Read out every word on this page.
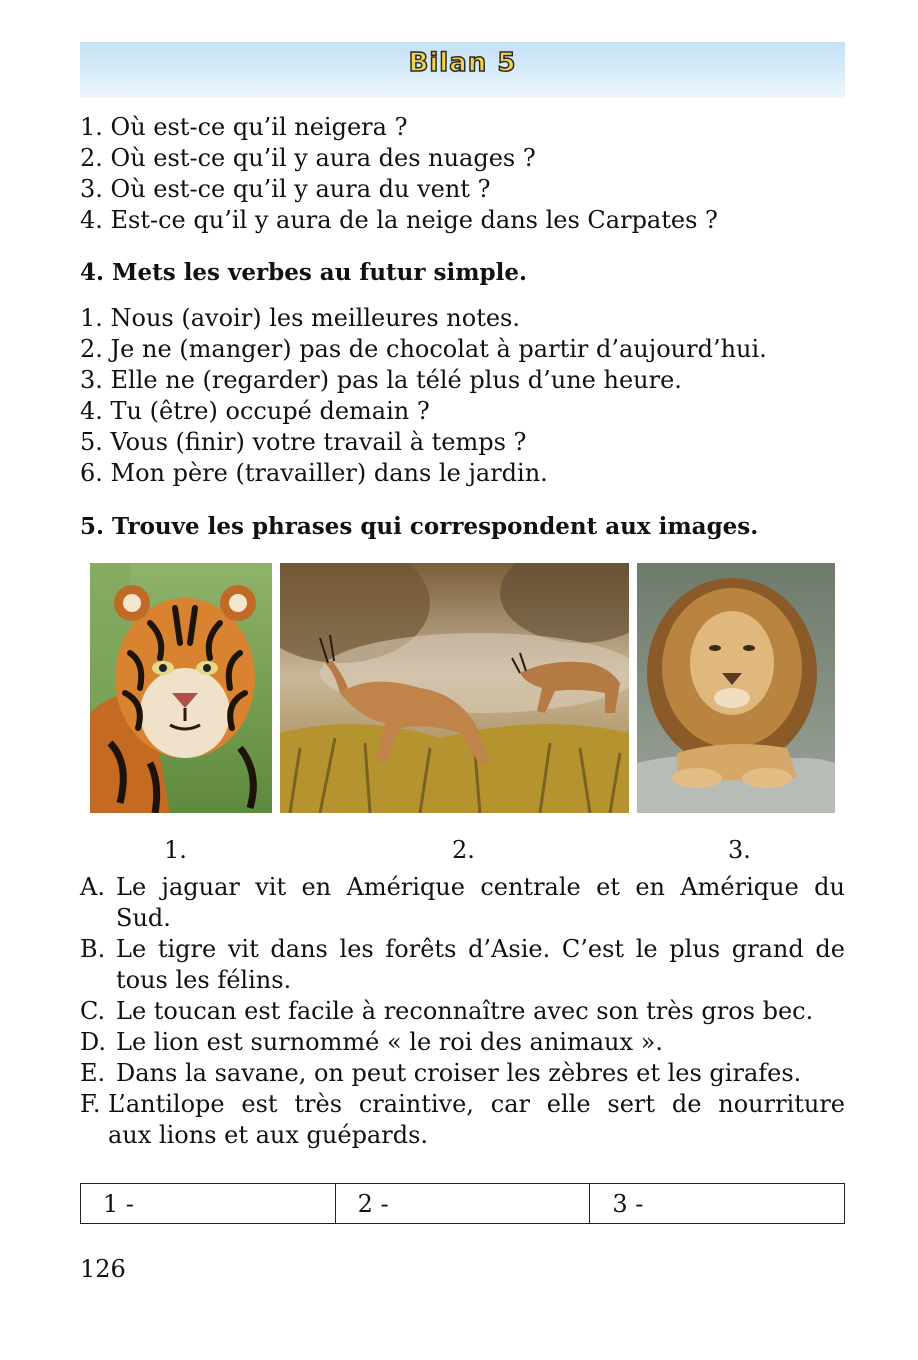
Bilan 5
1. Où est-ce qu’il neigera ?
2. Où est-ce qu’il y aura des nuages ?
3. Où est-ce qu’il y aura du vent ?
4. Est-ce qu’il y aura de la neige dans les Carpates ?
4. Mets les verbes au futur simple.
1. Nous (avoir) les meilleures notes.
2. Je ne (manger) pas de chocolat à partir d’aujourd’hui.
3. Elle ne (regarder) pas la télé plus d’une heure.
4. Tu (être) occupé demain ?
5. Vous (finir) votre travail à temps ?
6. Mon père (travailler) dans le jardin.
5. Trouve les phrases qui correspondent aux images.
1.	2.	3.
A. Le jaguar vit en Amérique centrale et en Amérique du
Sud.
B. Le tigre vit dans les forêts d’Asie. C’est le plus grand de
tous les félins.
C. Le toucan est facile à reconnaître avec son très gros bec.
D. Le lion est surnommé « le roi des animaux ».
E. Dans la savane, on peut croiser les zèbres et les girafes.
F. L’antilope est très craintive, car elle sert de nourriture
aux lions et aux guépards.
1 -	2 -	3 -
126
